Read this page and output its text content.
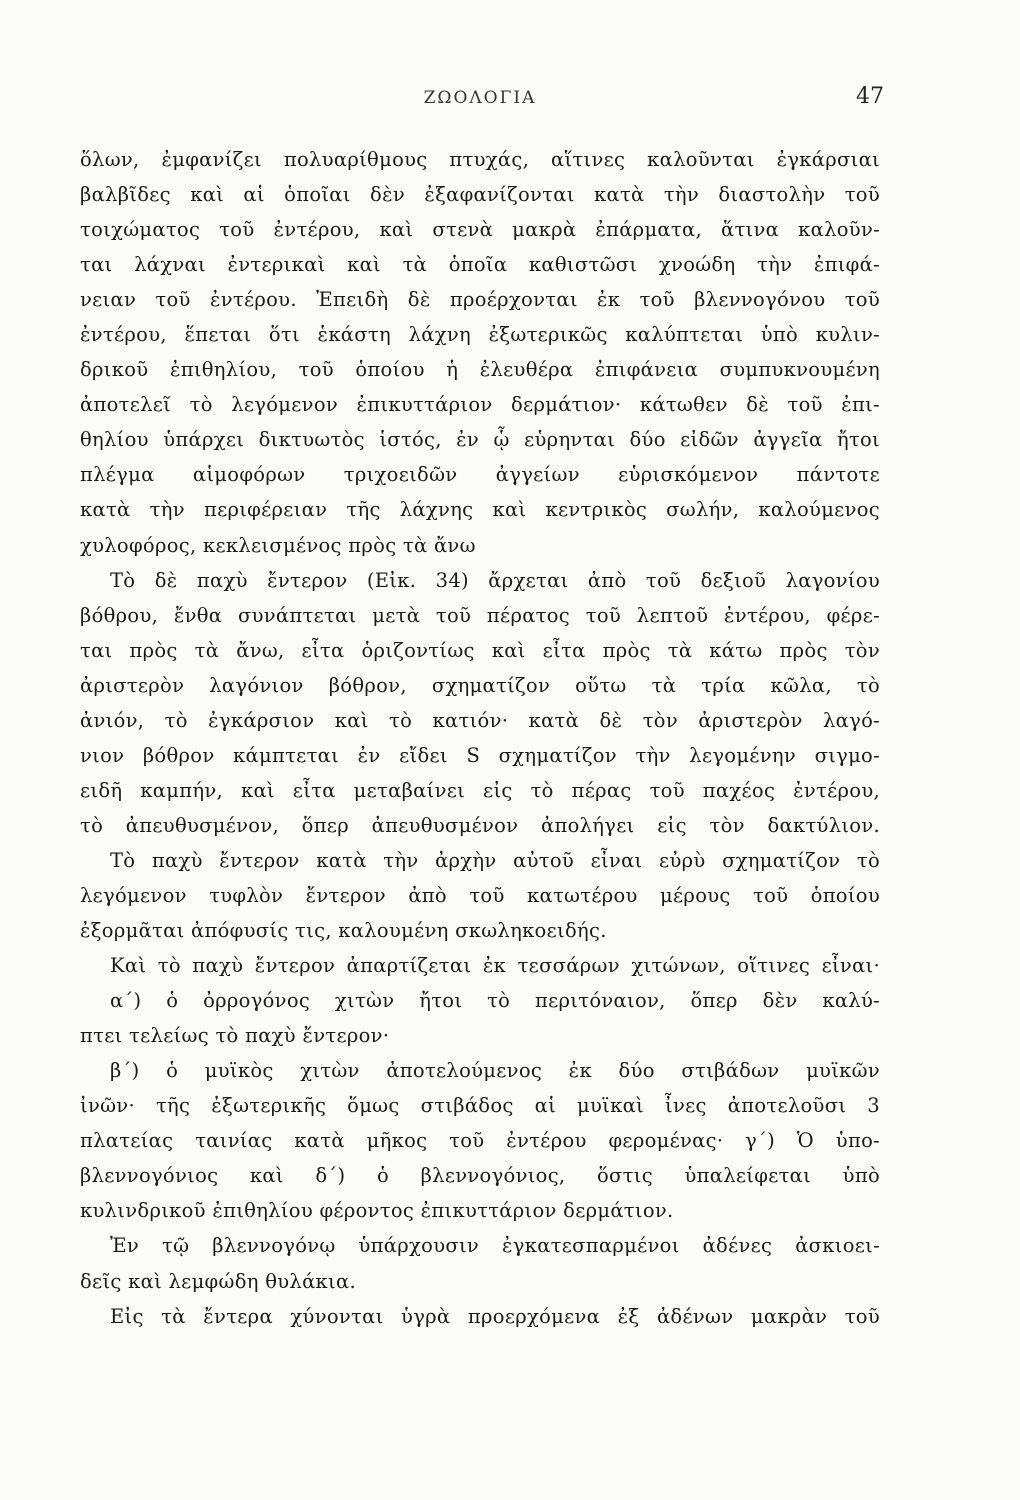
ΖΩΟΛΟΓΙΑ	47
ὅλων, ἐμφανίζει πολυαρίθμους πτυχάς, αἵτινες καλοῦνται ἐγκάρσιαι
βαλβῖδες καὶ αἱ ὁποῖαι δὲν ἐξαφανίζονται κατὰ τὴν διαστολὴν τοῦ
τοιχώματος τοῦ ἐντέρου, καὶ στενὰ μακρὰ ἐπάρματα, ἅτινα καλοῦν-
ται λάχναι ἐντερικαὶ καὶ τὰ ὁποῖα καθιστῶσι χνοώδη τὴν ἐπιφά-
νειαν τοῦ ἐντέρου. Ἐπειδὴ δὲ προέρχονται ἐκ τοῦ βλεννογόνου τοῦ
ἐντέρου, ἕπεται ὅτι ἑκάστη λάχνη ἐξωτερικῶς καλύπτεται ὑπὸ κυλιν-
δρικοῦ ἐπιθηλίου, τοῦ ὁποίου ἡ ἐλευθέρα ἐπιφάνεια συμπυκνουμένη
ἀποτελεῖ τὸ λεγόμενον ἐπικυττάριον δερμάτιον· κάτωθεν δὲ τοῦ ἐπι-
θηλίου ὑπάρχει δικτυωτὸς ἱστός, ἐν ᾧ εὑρηνται δύο εἰδῶν ἀγγεῖα ἤτοι
πλέγμα αἱμοφόρων τριχοειδῶν ἀγγείων εὑρισκόμενον πάντοτε
κατὰ τὴν περιφέρειαν τῆς λάχνης καὶ κεντρικὸς σωλήν, καλούμενος
χυλοφόρος, κεκλεισμένος πρὸς τὰ ἄνω
Τὸ δὲ παχὺ ἔντερον (Εἰκ. 34) ἄρχεται ἀπὸ τοῦ δεξιοῦ λαγονίου
βόθρου, ἔνθα συνάπτεται μετὰ τοῦ πέρατος τοῦ λεπτοῦ ἐντέρου, φέρε-
ται πρὸς τὰ ἄνω, εἶτα ὁριζοντίως καὶ εἶτα πρὸς τὰ κάτω πρὸς τὸν
ἀριστερὸν λαγόνιον βόθρον, σχηματίζον οὕτω τὰ τρία κῶλα, τὸ
ἀνιόν, τὸ ἐγκάρσιον καὶ τὸ κατιόν· κατὰ δὲ τὸν ἀριστερὸν λαγό-
νιον βόθρον κάμπτεται ἐν εἴδει S σχηματίζον τὴν λεγομένην σιγμο-
ειδῆ καμπήν, καὶ εἶτα μεταβαίνει εἰς τὸ πέρας τοῦ παχέος ἐντέρου,
τὸ ἀπευθυσμένον, ὅπερ ἀπευθυσμένον ἀπολήγει εἰς τὸν δακτύλιον.
Τὸ παχὺ ἔντερον κατὰ τὴν ἀρχὴν αὐτοῦ εἶναι εὐρὺ σχηματίζον τὸ
λεγόμενον τυφλὸν ἔντερον ἀπὸ τοῦ κατωτέρου μέρους τοῦ ὁποίου
ἐξορμᾶται ἀπόφυσίς τις, καλουμένη σκωληκοειδής.
Καὶ τὸ παχὺ ἔντερον ἀπαρτίζεται ἐκ τεσσάρων χιτώνων, οἵτινες εἶναι·
α΄) ὁ ὀρρογόνος χιτὼν ἤτοι τὸ περιτόναιον, ὅπερ δὲν καλύ-
πτει τελείως τὸ παχὺ ἔντερον·
β΄) ὁ μυϊκὸς χιτὼν ἀποτελούμενος ἐκ δύο στιβάδων μυϊκῶν
ἰνῶν· τῆς ἐξωτερικῆς ὅμως στιβάδος αἱ μυϊκαὶ ἶνες ἀποτελοῦσι 3
πλατείας ταινίας κατὰ μῆκος τοῦ ἐντέρου φερομένας· γ΄) Ὁ ὑπο-
βλεννογόνιος καὶ δ΄) ὁ βλεννογόνιος, ὅστις ὑπαλείφεται ὑπὸ
κυλινδρικοῦ ἐπιθηλίου φέροντος ἐπικυττάριον δερμάτιον.
Ἐν τῷ βλεννογόνῳ ὑπάρχουσιν ἐγκατεσπαρμένοι ἀδένες ἀσκιοει-
δεῖς καὶ λεμφώδη θυλάκια.
Εἰς τὰ ἔντερα χύνονται ὑγρὰ προερχόμενα ἐξ ἀδένων μακρὰν τοῦ
